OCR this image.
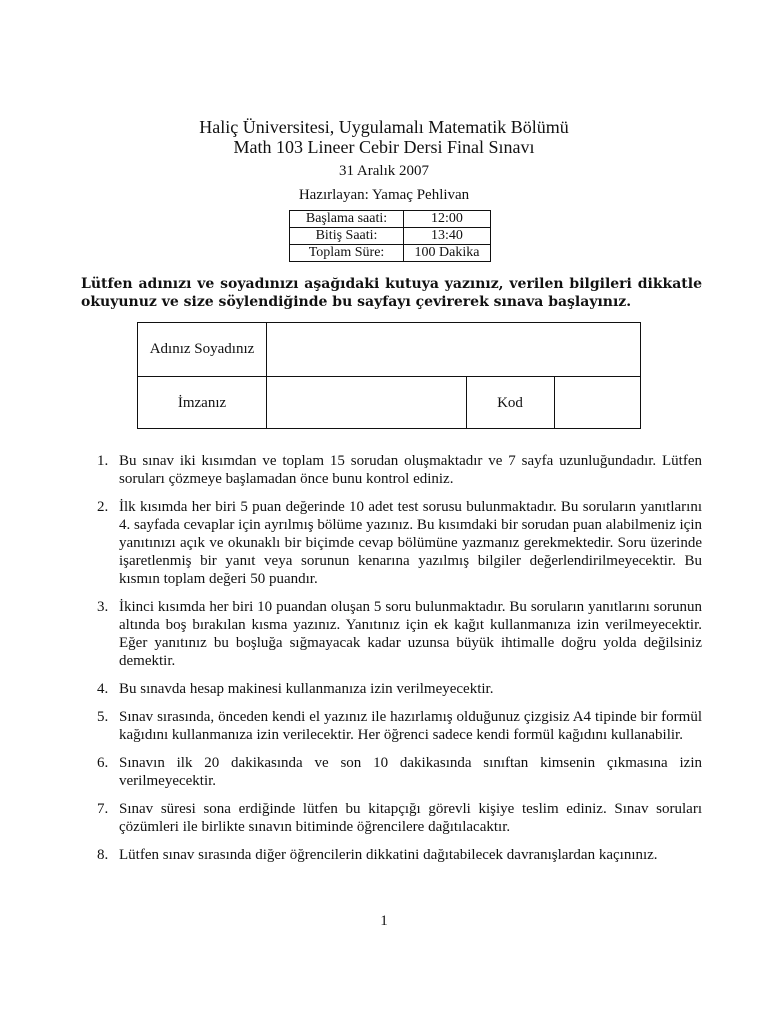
Haliç Üniversitesi, Uygulamalı Matematik Bölümü
Math 103 Lineer Cebir Dersi Final Sınavı
31 Aralık 2007
Hazırlayan: Yamaç Pehlivan
Başlama saati:	12:00
Bitiş Saati:	13:40
Toplam Süre:	100 Dakika
Lütfen adınızı ve soyadınızı aşağıdaki kutuya yazınız, verilen bilgileri dikkatle okuyunuz ve size söylendiğinde bu sayfayı çevirerek sınava başlayınız.
Adınız Soyadınız
İmzanız	Kod
1. Bu sınav iki kısımdan ve toplam 15 sorudan oluşmaktadır ve 7 sayfa uzunluğundadır. Lütfen soruları çözmeye başlamadan önce bunu kontrol ediniz.
2. İlk kısımda her biri 5 puan değerinde 10 adet test sorusu bulunmaktadır. Bu soruların yanıtlarını 4. sayfada cevaplar için ayrılmış bölüme yazınız. Bu kısımdaki bir sorudan puan alabilmeniz için yanıtınızı açık ve okunaklı bir biçimde cevap bölümüne yazmanız gerekmektedir. Soru üzerinde işaretlenmiş bir yanıt veya sorunun kenarına yazılmış bilgiler değerlendirilmeyecektir. Bu kısmın toplam değeri 50 puandır.
3. İkinci kısımda her biri 10 puandan oluşan 5 soru bulunmaktadır. Bu soruların yanıtlarını sorunun altında boş bırakılan kısma yazınız. Yanıtınız için ek kağıt kullanmanıza izin verilmeyecektir. Eğer yanıtınız bu boşluğa sığmayacak kadar uzunsa büyük ihtimalle doğru yolda değilsiniz demektir.
4. Bu sınavda hesap makinesi kullanmanıza izin verilmeyecektir.
5. Sınav sırasında, önceden kendi el yazınız ile hazırlamış olduğunuz çizgisiz A4 tipinde bir formül kağıdını kullanmanıza izin verilecektir. Her öğrenci sadece kendi formül kağıdını kullanabilir.
6. Sınavın ilk 20 dakikasında ve son 10 dakikasında sınıftan kimsenin çıkmasına izin verilmeyecektir.
7. Sınav süresi sona erdiğinde lütfen bu kitapçığı görevli kişiye teslim ediniz. Sınav soruları çözümleri ile birlikte sınavın bitiminde öğrencilere dağıtılacaktır.
8. Lütfen sınav sırasında diğer öğrencilerin dikkatini dağıtabilecek davranışlardan kaçınınız.
1
